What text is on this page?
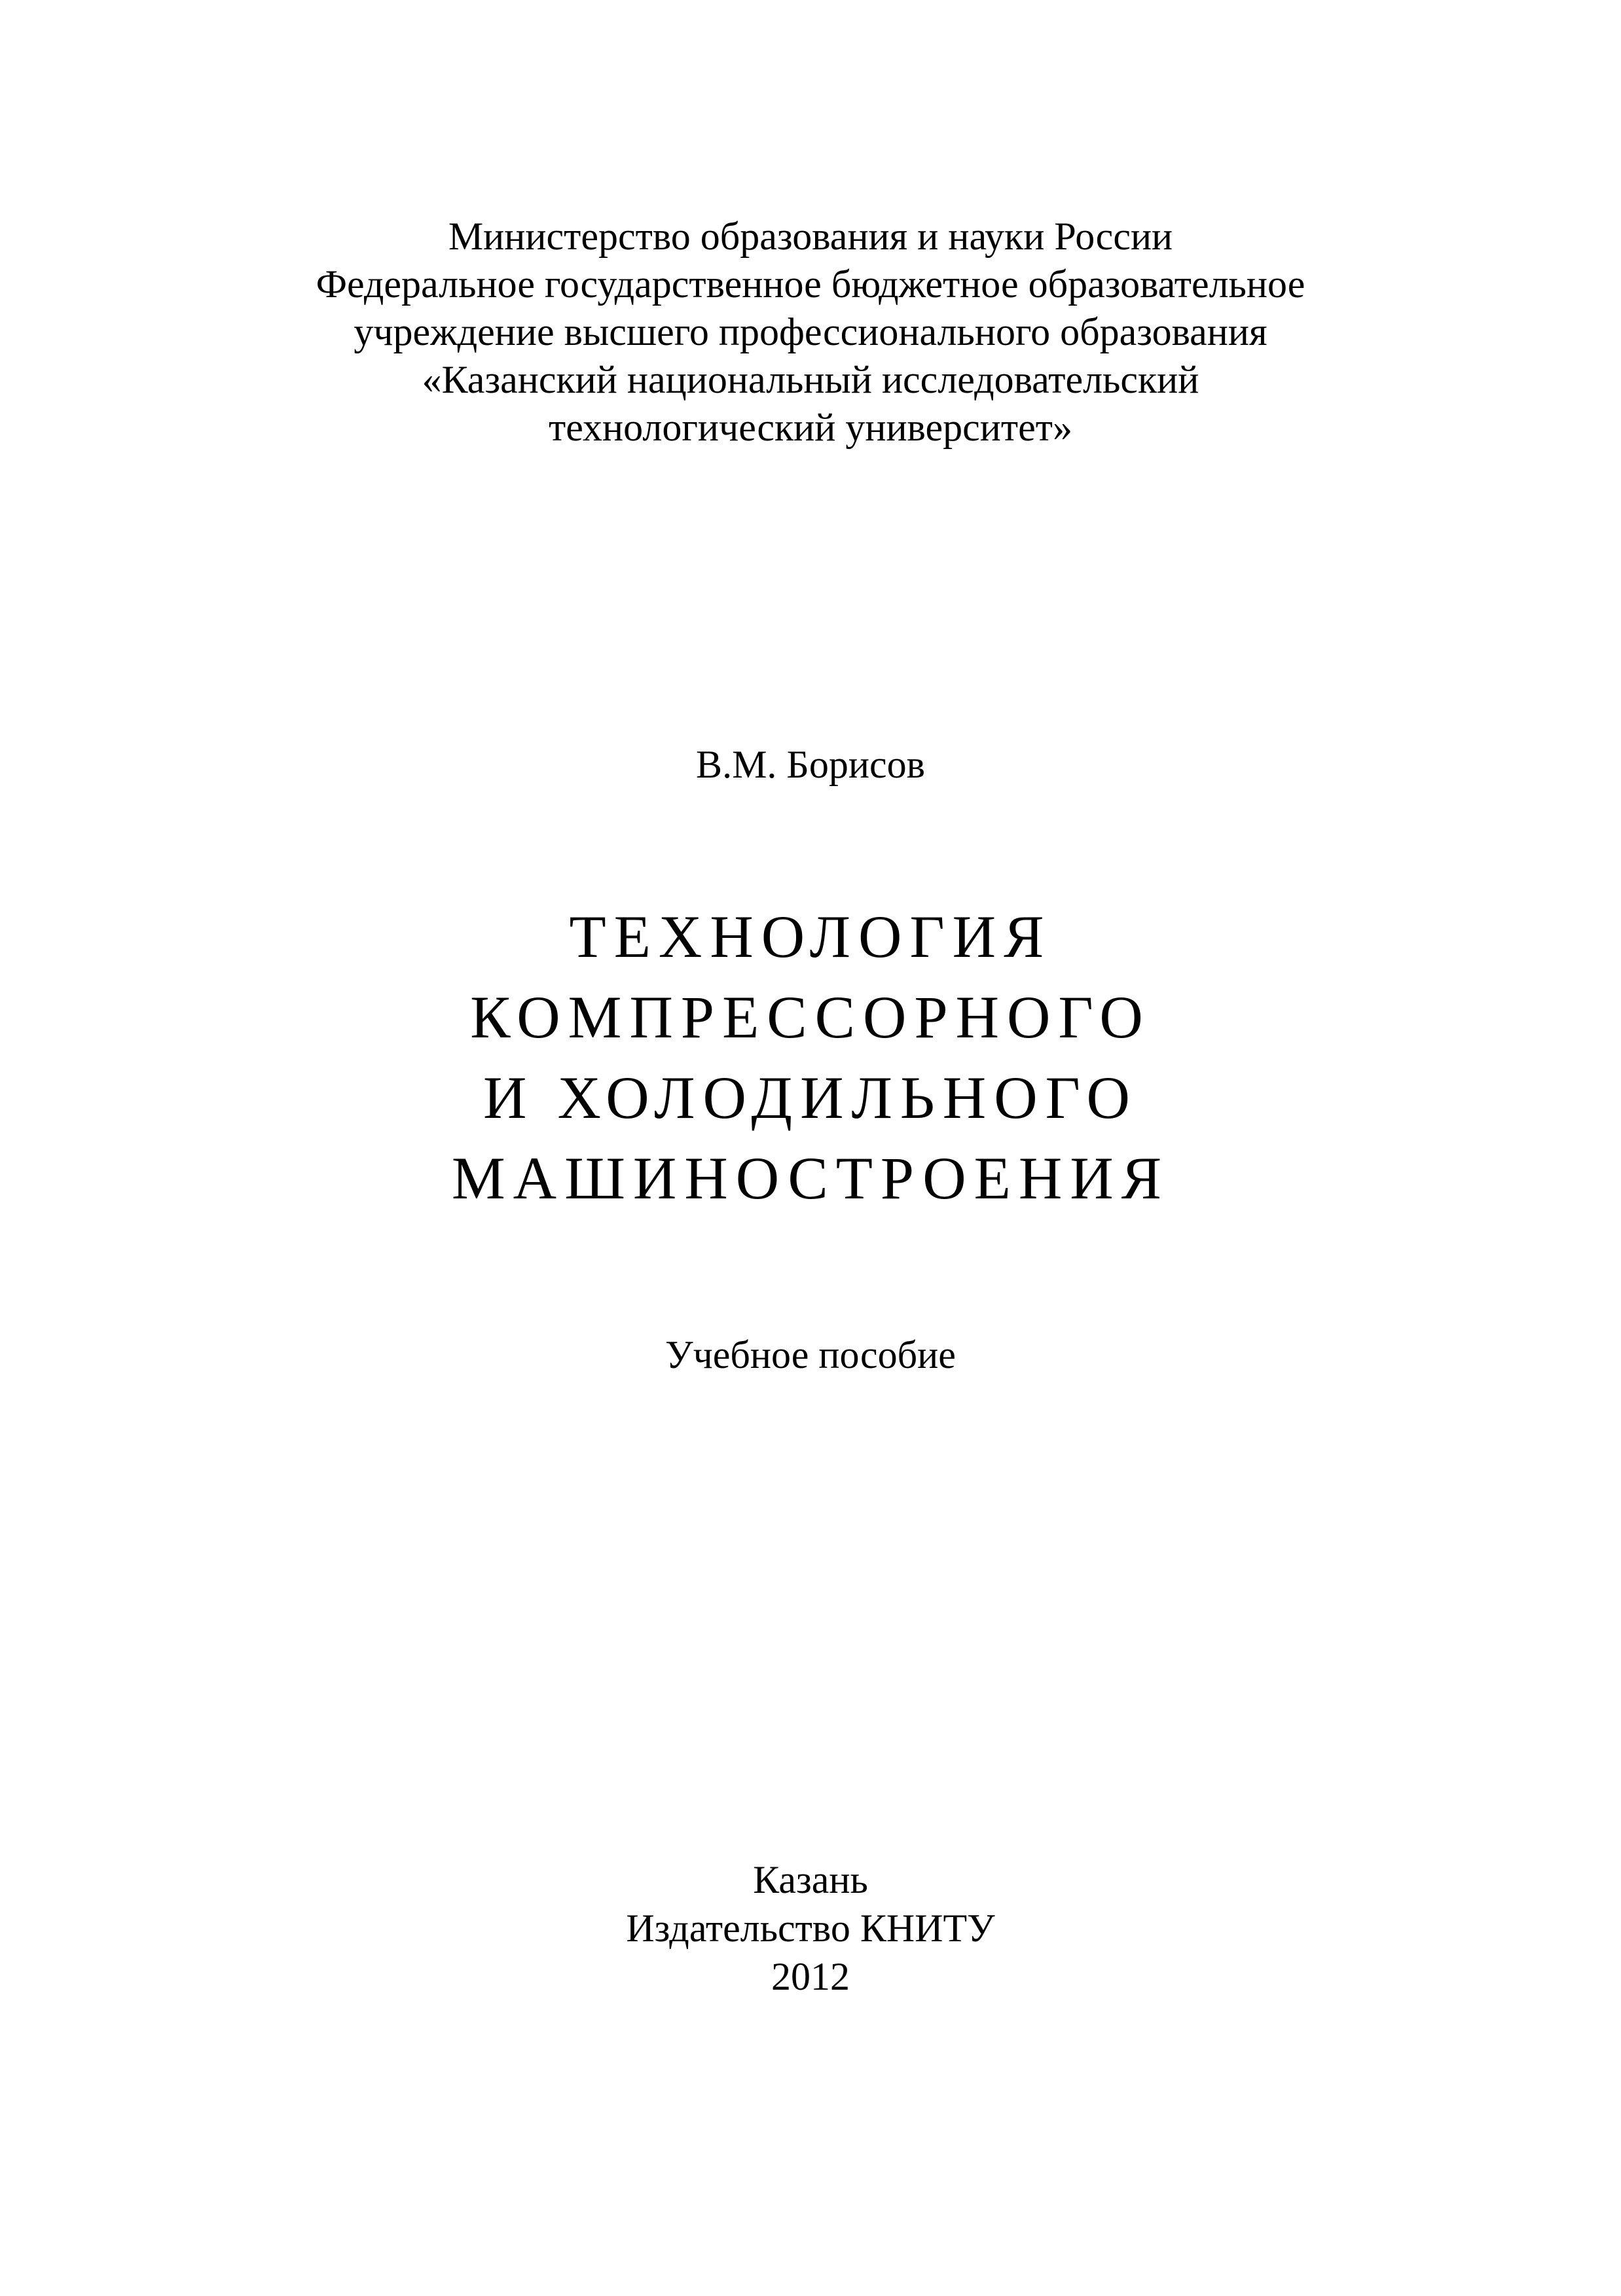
Министерство образования и науки России
Федеральное государственное бюджетное образовательное
учреждение высшего профессионального образования
«Казанский национальный исследовательский
технологический университет»
В.М. Борисов
ТЕХНОЛОГИЯ
КОМПРЕССОРНОГО
И ХОЛОДИЛЬНОГО
МАШИНОСТРОЕНИЯ
Учебное пособие
Казань
Издательство КНИТУ
2012
